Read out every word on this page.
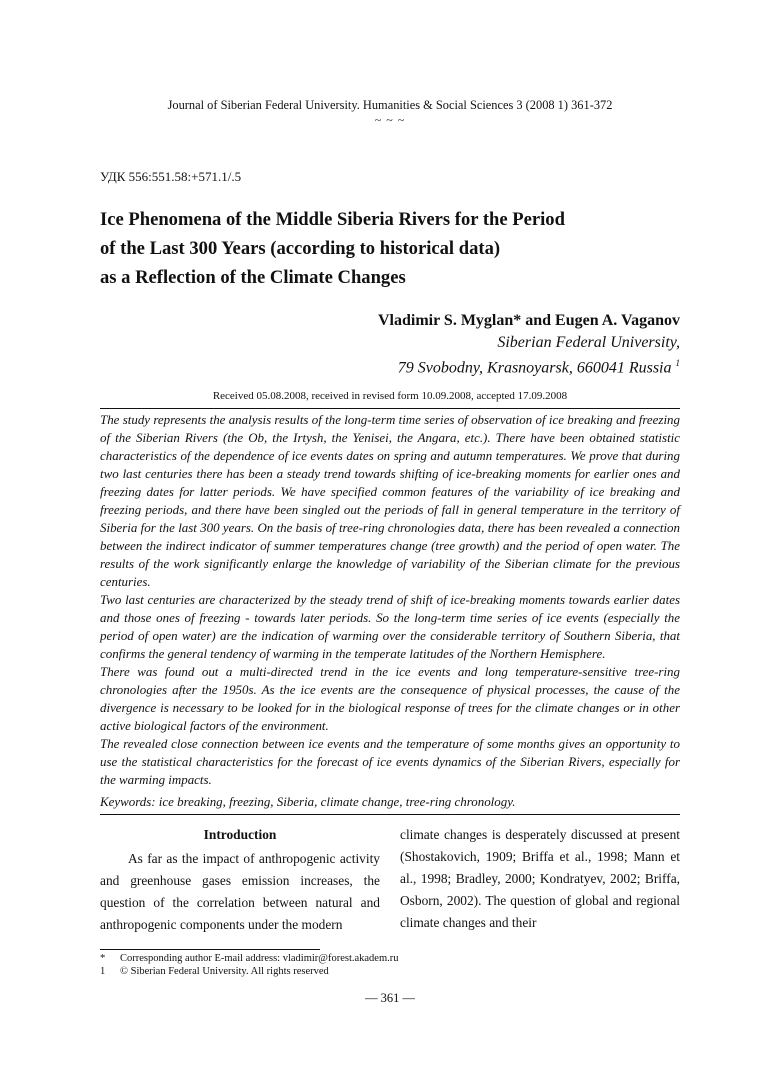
Journal of Siberian Federal University. Humanities & Social Sciences 3 (2008 1) 361-372
~ ~ ~
УДК 556:551.58:+571.1/.5
Ice Phenomena of the Middle Siberia Rivers for the Period
of the Last 300 Years (according to historical data)
as a Reflection of the Climate Changes
Vladimir S. Myglan* and Eugen A. Vaganov
Siberian Federal University,
79 Svobodny, Krasnoyarsk, 660041 Russia $^1$
Received 05.08.2008, received in revised form 10.09.2008, accepted 17.09.2008

The study represents the analysis results of the long-term time series of observation of ice breaking and freezing of the Siberian Rivers (the Ob, the Irtysh, the Yenisei, the Angara, etc.). There have been obtained statistic characteristics of the dependence of ice events dates on spring and autumn temperatures. We prove that during two last centuries there has been a steady trend towards shifting of ice-breaking moments for earlier ones and freezing dates for latter periods. We have specified common features of the variability of ice breaking and freezing periods, and there have been singled out the periods of fall in general temperature in the territory of Siberia for the last 300 years. On the basis of tree-ring chronologies data, there has been revealed a connection between the indirect indicator of summer temperatures change (tree growth) and the period of open water. The results of the work significantly enlarge the knowledge of variability of the Siberian climate for the previous centuries.

Two last centuries are characterized by the steady trend of shift of ice-breaking moments towards earlier dates and those ones of freezing - towards later periods. So the long-term time series of ice events (especially the period of open water) are the indication of warming over the considerable territory of Southern Siberia, that confirms the general tendency of warming in the temperate latitudes of the Northern Hemisphere.

There was found out a multi-directed trend in the ice events and long temperature-sensitive tree-ring chronologies after the 1950s. As the ice events are the consequence of physical processes, the cause of the divergence is necessary to be looked for in the biological response of trees for the climate changes or in other active biological factors of the environment.

The revealed close connection between ice events and the temperature of some months gives an opportunity to use the statistical characteristics for the forecast of ice events dynamics of the Siberian Rivers, especially for the warming impacts.

Keywords: ice breaking, freezing, Siberia, climate change, tree-ring chronology.
Introduction

As far as the impact of anthropogenic activity and greenhouse gases emission increases, the question of the correlation between natural and anthropogenic components under the modern

climate changes is desperately discussed at present (Shostakovich, 1909; Briffa et al., 1998; Mann et al., 1998; Bradley, 2000; Kondratyev, 2002; Briffa, Osborn, 2002). The question of global and regional climate changes and their

*	Corresponding author E-mail address: vladimir@forest.akadem.ru
1	© Siberian Federal University. All rights reserved
— 361 —
